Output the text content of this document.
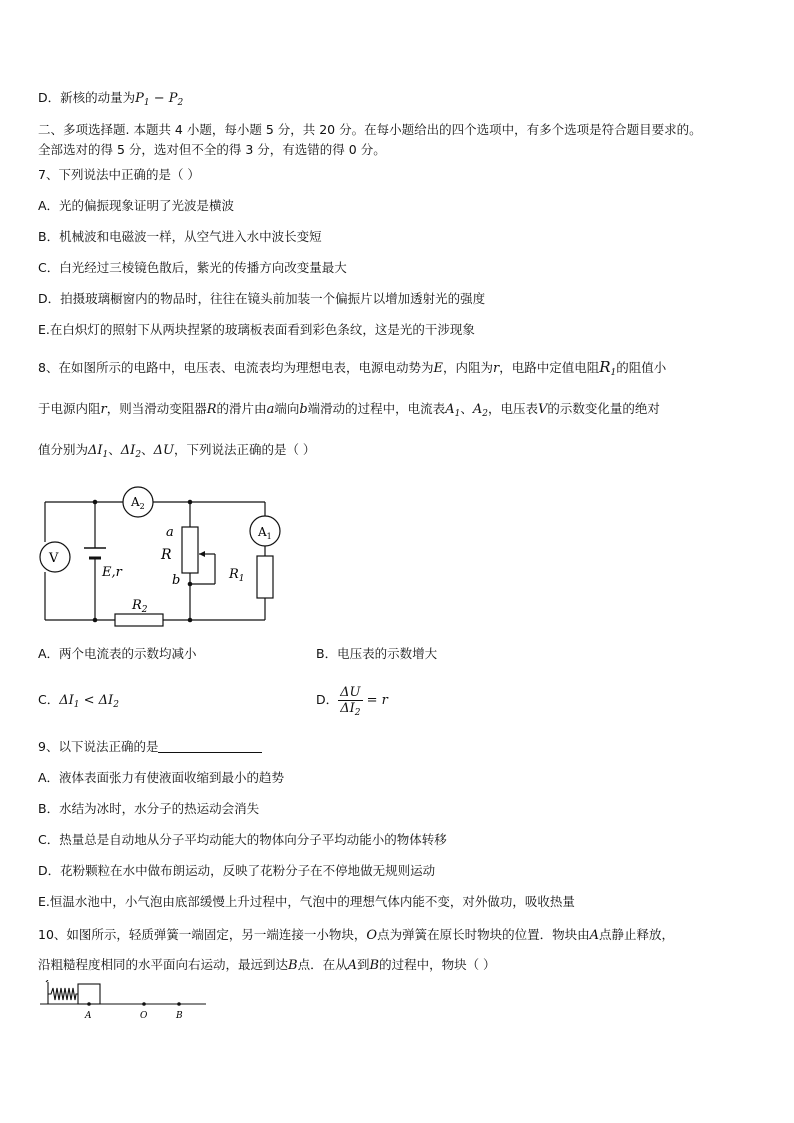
D．新核的动量为$P_1 - P_2$
二、多项选择题. 本题共 4 小题，每小题 5 分，共 20 分。在每小题给出的四个选项中，有多个选项是符合题目要求的。
全部选对的得 5 分，选对但不全的得 3 分，有选错的得 0 分。
7、下列说法中正确的是（ ）
A．光的偏振现象证明了光波是横波
B．机械波和电磁波一样，从空气进入水中波长变短
C．白光经过三棱镜色散后，紫光的传播方向改变量最大
D．拍摄玻璃橱窗内的物品时，往往在镜头前加装一个偏振片以增加透射光的强度
E.在白炽灯的照射下从两块捏紧的玻璃板表面看到彩色条纹，这是光的干涉现象
8、在如图所示的电路中，电压表、电流表均为理想电表，电源电动势为E，内阻为r，电路中定值电阻$R_1$的阻值小
于电源内阻r，则当滑动变阻器R的滑片由a端向b端滑动的过程中，电流表$A_1$、$A_2$，电压表V的示数变化量的绝对
值分别为$\Delta I_1$、$\Delta I_2$、ΔU，下列说法正确的是（ ）
$A_2$
$A_1$
V
a
R
b
E,r	$R_1$
$R_2$
A．两个电流表的示数均减小	B．电压表的示数增大
C．$\Delta I_1 < \Delta I_2$	D． $\frac{\Delta U}{\Delta I_2} = r$
9、以下说法正确的是
A．液体表面张力有使液面收缩到最小的趋势
B．水结为冰时，水分子的热运动会消失
C．热量总是自动地从分子平均动能大的物体向分子平均动能小的物体转移
D．花粉颗粒在水中做布朗运动，反映了花粉分子在不停地做无规则运动
E.恒温水池中，小气泡由底部缓慢上升过程中，气泡中的理想气体内能不变，对外做功，吸收热量
10、如图所示，轻质弹簧一端固定，另一端连接一小物块，O点为弹簧在原长时物块的位置．物块由A点静止释放，
沿粗糙程度相同的水平面向右运动，最远到达B点．在从A到B的过程中，物块（ ）
A	O	B
